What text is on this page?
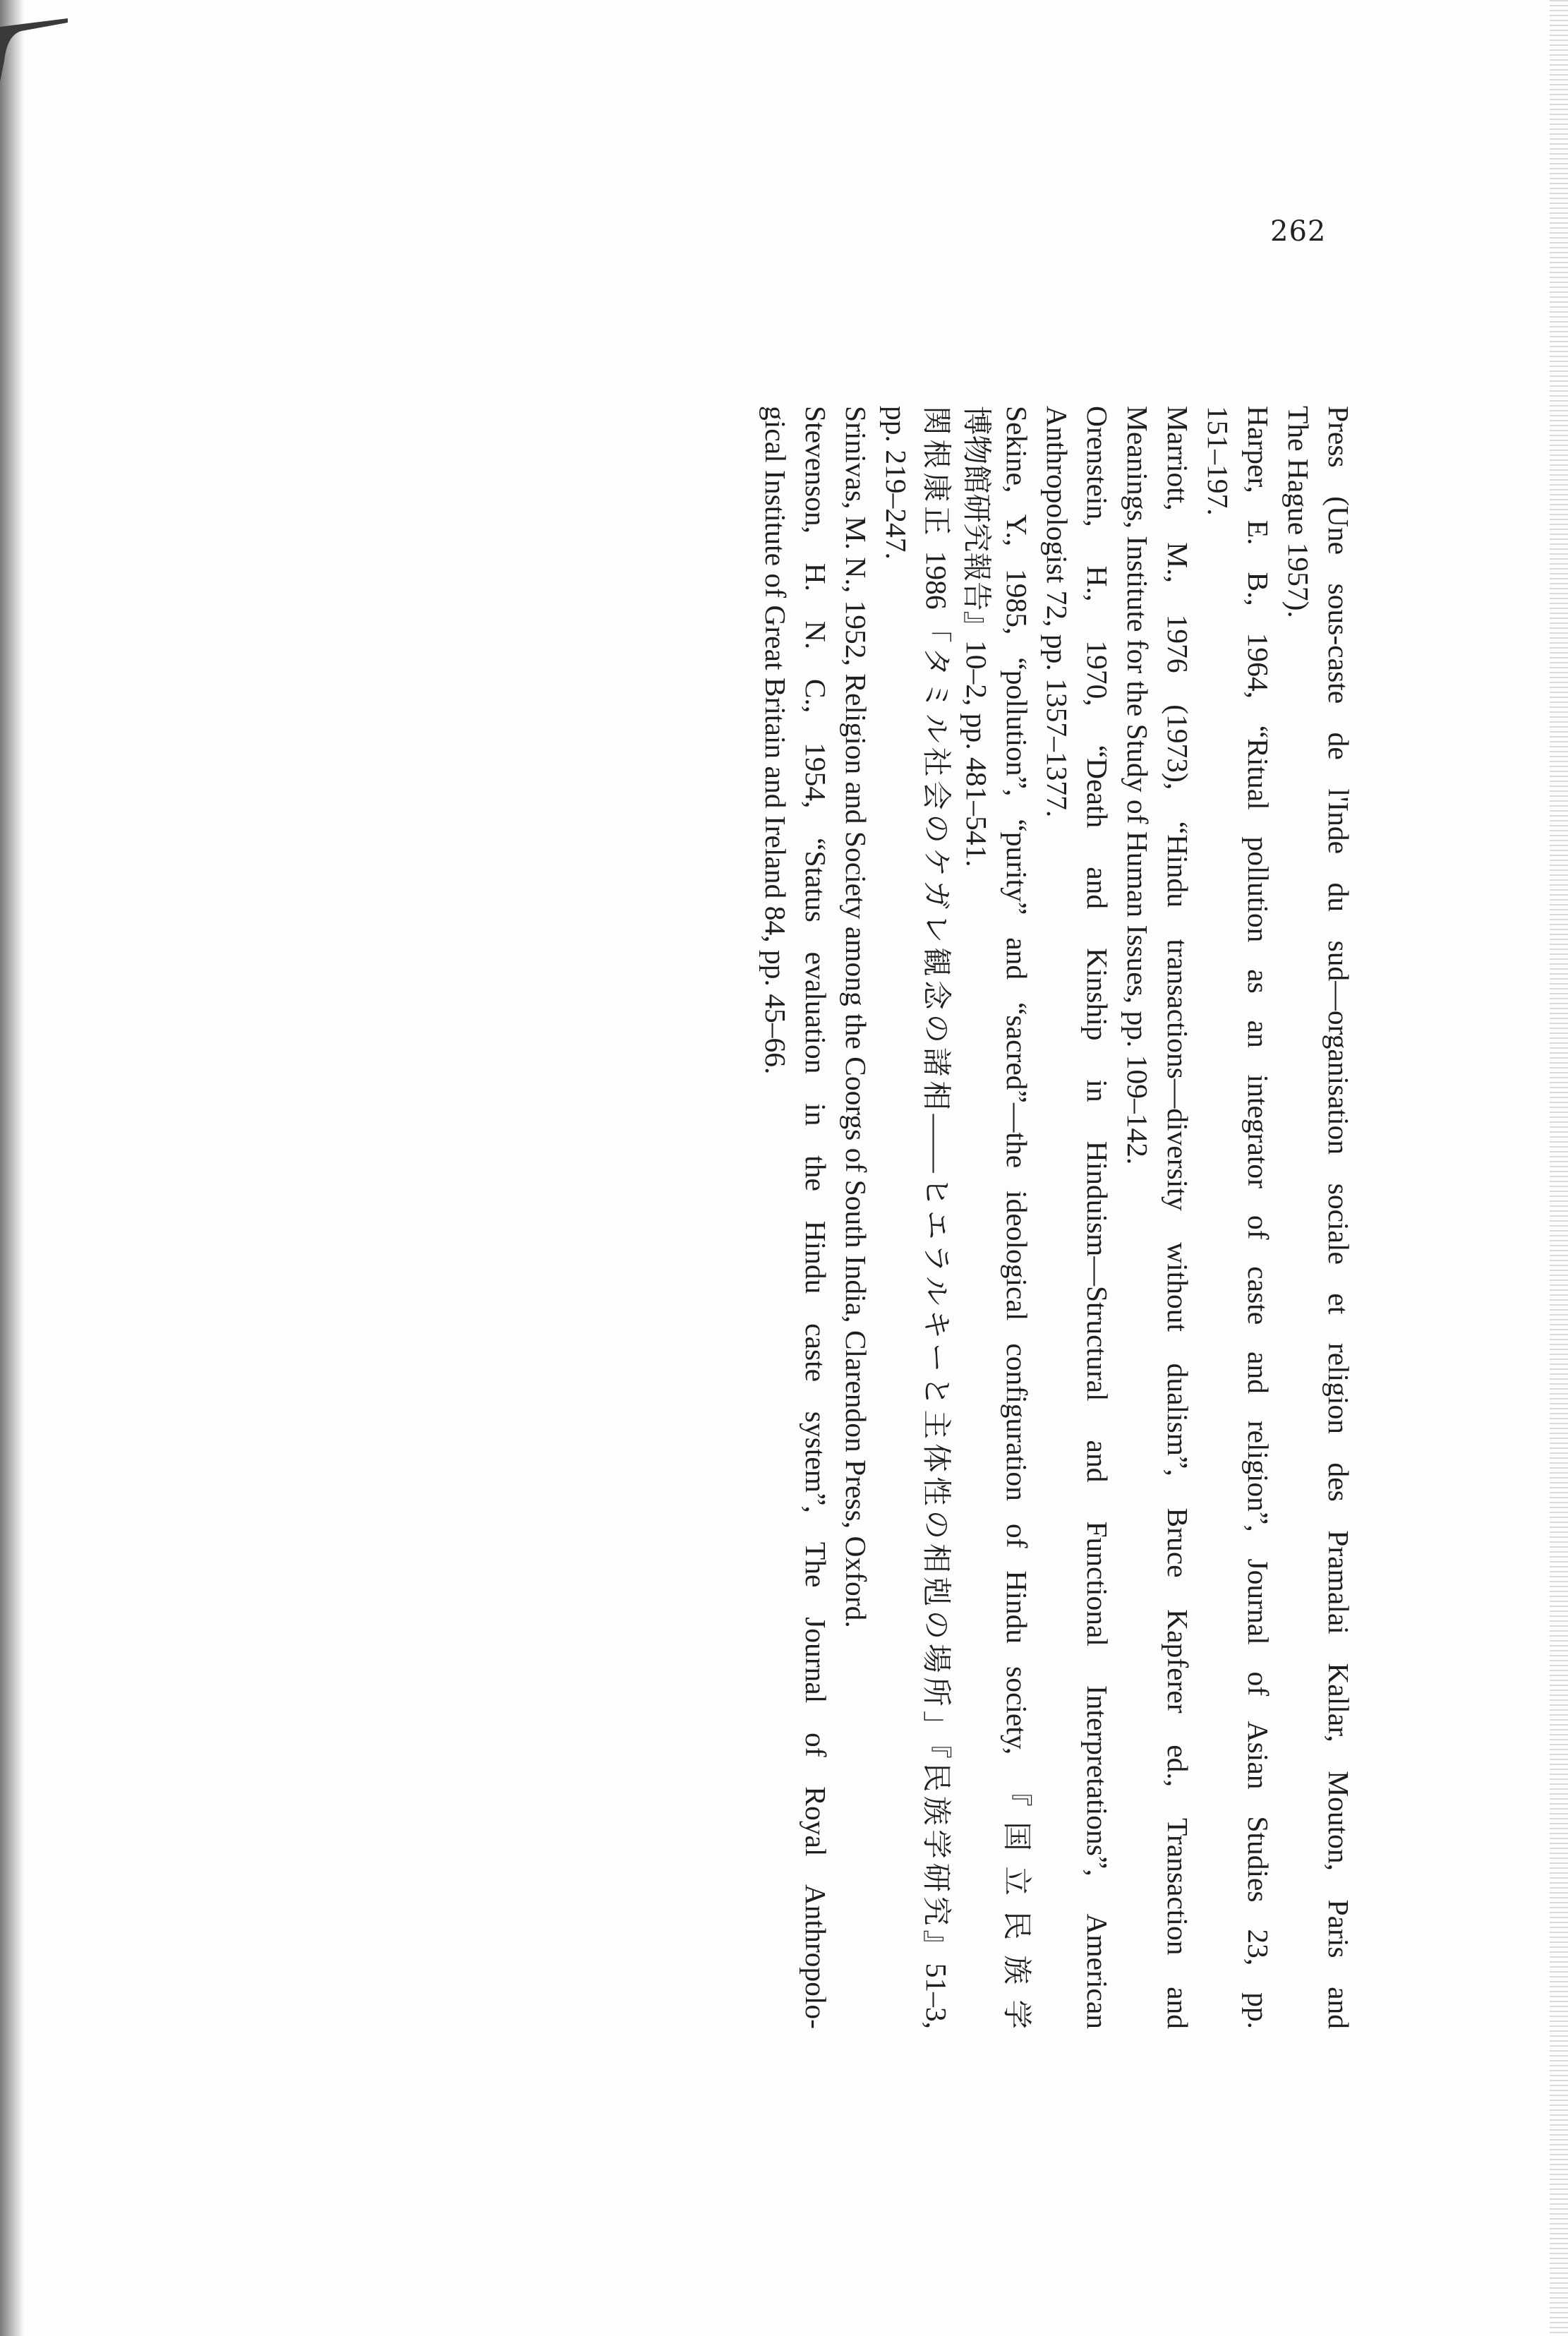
262
Press (Une sous-caste de l'Inde du sud—organisation sociale et religion des Pramalai Kallar, Mouton, Paris and
The Hague 1957).
Harper, E. B., 1964, “Ritual pollution as an integrator of caste and religion”, Journal of Asian Studies 23, pp.
151–197.
Marriott, M., 1976 (1973), “Hindu transactions—diversity without dualism”, Bruce Kapferer ed., Transaction and
Meanings, Institute for the Study of Human Issues, pp. 109–142.
Orenstein, H., 1970, “Death and Kinship in Hinduism—Structural and Functional Interpretations”, American
Anthropologist 72, pp. 1357–1377.
Sekine, Y., 1985, “pollution”, “purity” and “sacred”—the ideological configuration of Hindu society, 『国立民族学
博物館研究報告』10–2, pp. 481–541.
関根康正 1986「タミル社会のケガレ観念の諸相——ヒエラルキーと主体性の相剋の場所」『民族学研究』51–3,
pp. 219–247.
Srinivas, M. N., 1952, Religion and Society among the Coorgs of South India, Clarendon Press, Oxford.
Stevenson, H. N. C., 1954, “Status evaluation in the Hindu caste system”, The Journal of Royal Anthropolo-
gical Institute of Great Britain and Ireland 84, pp. 45–66.
